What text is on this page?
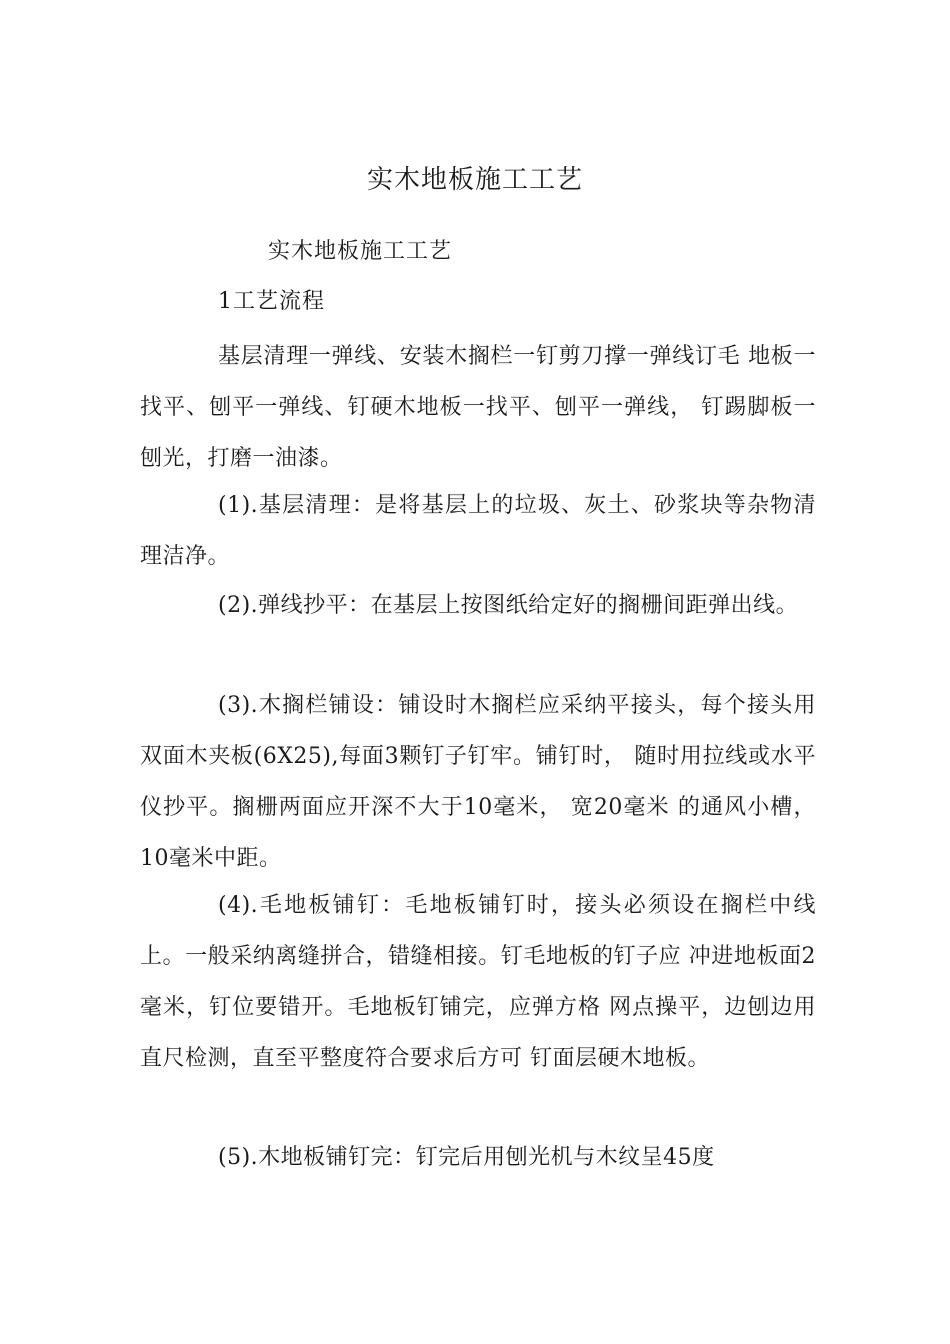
实木地板施工工艺
实木地板施工工艺
1工艺流程

基层清理一弹线、安装木搁栏一钉剪刀撑一弹线订毛 地板一找平、刨平一弹线、钉硬木地板一找平、刨平一弹线， 钉踢脚板一刨光，打磨一油漆。

(1).基层清理：是将基层上的垃圾、灰土、砂浆块等杂物清理洁净。

(2).弹线抄平：在基层上按图纸给定好的搁栅间距弹出线。

(3).木搁栏铺设：铺设时木搁栏应采纳平接头，每个接头用双面木夹板(6X25),每面3颗钉子钉牢。铺钉时， 随时用拉线或水平仪抄平。搁栅两面应开深不大于10毫米， 宽20毫米 的通风小槽，10毫米中距。

(4).毛地板铺钉：毛地板铺钉时，接头必须设在搁栏中线上。一般采纳离缝拼合，错缝相接。钉毛地板的钉子应 冲进地板面2毫米，钉位要错开。毛地板钉铺完，应弹方格 网点操平，边刨边用直尺检测，直至平整度符合要求后方可 钉面层硬木地板。

(5).木地板铺钉完：钉完后用刨光机与木纹呈45度
